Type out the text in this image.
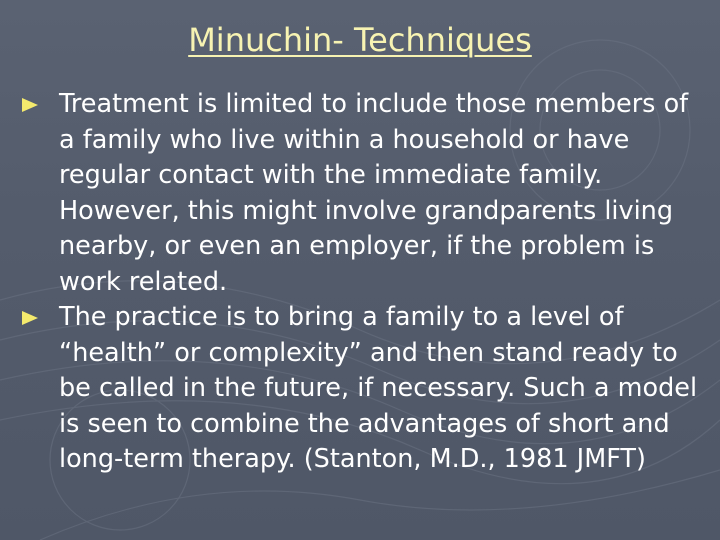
Minuchin- Techniques
Treatment is limited to include those members of a family who live within a household or have regular contact with the immediate family. However, this might involve grandparents living nearby, or even an employer, if the problem is work related.
The practice is to bring a family to a level of “health” or complexity” and then stand ready to be called in the future, if necessary. Such a model is seen to combine the advantages of short and long-term therapy. (Stanton, M.D., 1981 JMFT)
